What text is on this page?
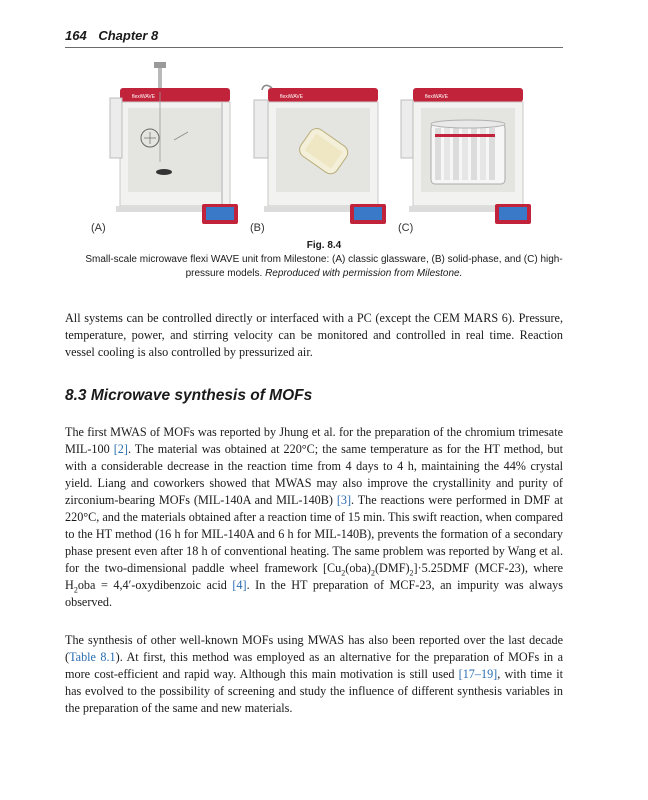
164 Chapter 8
flexiWAVE	flexiWAVE	flexiWAVE
(A)	(B)	(C)
Fig. 8.4
Small-scale microwave flexi WAVE unit from Milestone: (A) classic glassware, (B) solid-phase, and (C) high-pressure models. Reproduced with permission from Milestone.
All systems can be controlled directly or interfaced with a PC (except the CEM MARS 6). Pressure, temperature, power, and stirring velocity can be monitored and controlled in real time. Reaction vessel cooling is also controlled by pressurized air.
8.3 Microwave synthesis of MOFs
The first MWAS of MOFs was reported by Jhung et al. for the preparation of the chromium trimesate MIL-100 [2]. The material was obtained at 220°C; the same temperature as for the HT method, but with a considerable decrease in the reaction time from 4 days to 4 h, maintaining the 44% crystal yield. Liang and coworkers showed that MWAS may also improve the crystallinity and purity of zirconium-bearing MOFs (MIL-140A and MIL-140B) [3]. The reactions were performed in DMF at 220°C, and the materials obtained after a reaction time of 15 min. This swift reaction, when compared to the HT method (16 h for MIL-140A and 6 h for MIL-140B), prevents the formation of a secondary phase present even after 18 h of conventional heating. The same problem was reported by Wang et al. for the two-dimensional paddle wheel framework $[Cu_2(oba)_2(DMF)_2]\cdot 5.25DMF$ (MCF-23), where $H_2oba$ = 4,4′-oxydibenzoic acid [4]. In the HT preparation of MCF-23, an impurity was always observed.
The synthesis of other well-known MOFs using MWAS has also been reported over the last decade (Table 8.1). At first, this method was employed as an alternative for the preparation of MOFs in a more cost-efficient and rapid way. Although this main motivation is still used [17–19], with time it has evolved to the possibility of screening and study the influence of different synthesis variables in the preparation of the same and new materials.
